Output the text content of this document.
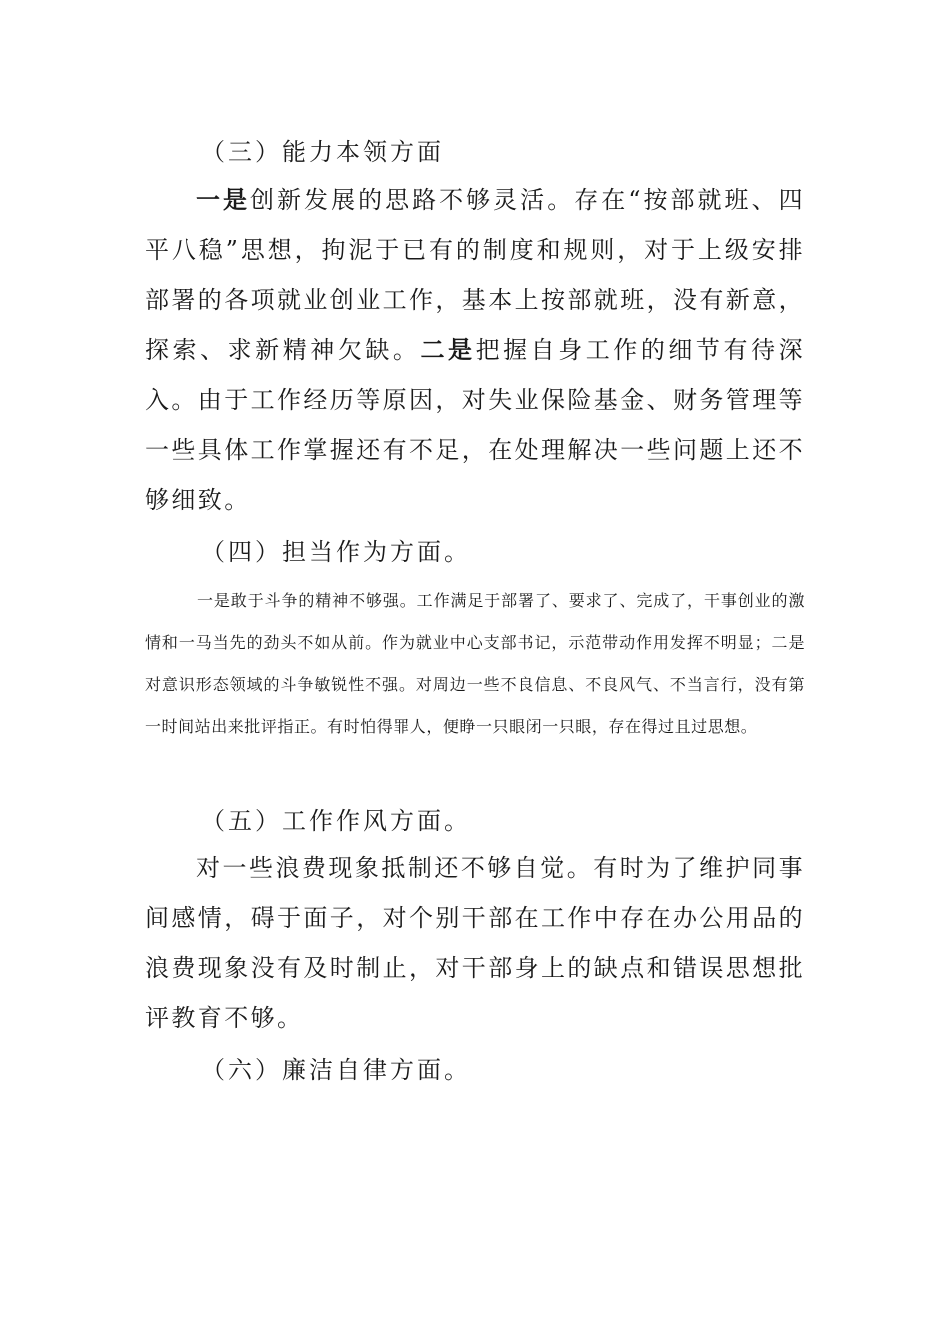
（三）能力本领方面

一是创新发展的思路不够灵活。存在“按部就班、四平八稳”思想，拘泥于已有的制度和规则，对于上级安排部署的各项就业创业工作，基本上按部就班，没有新意，探索、求新精神欠缺。二是把握自身工作的细节有待深入。由于工作经历等原因，对失业保险基金、财务管理等一些具体工作掌握还有不足，在处理解决一些问题上还不够细致。

（四）担当作为方面。

一是敢于斗争的精神不够强。工作满足于部署了、要求了、完成了，干事创业的激情和一马当先的劲头不如从前。作为就业中心支部书记，示范带动作用发挥不明显；二是对意识形态领域的斗争敏锐性不强。对周边一些不良信息、不良风气、不当言行，没有第一时间站出来批评指正。有时怕得罪人，便睁一只眼闭一只眼，存在得过且过思想。

（五）工作作风方面。

对一些浪费现象抵制还不够自觉。有时为了维护同事间感情，碍于面子，对个别干部在工作中存在办公用品的浪费现象没有及时制止，对干部身上的缺点和错误思想批评教育不够。

（六）廉洁自律方面。
